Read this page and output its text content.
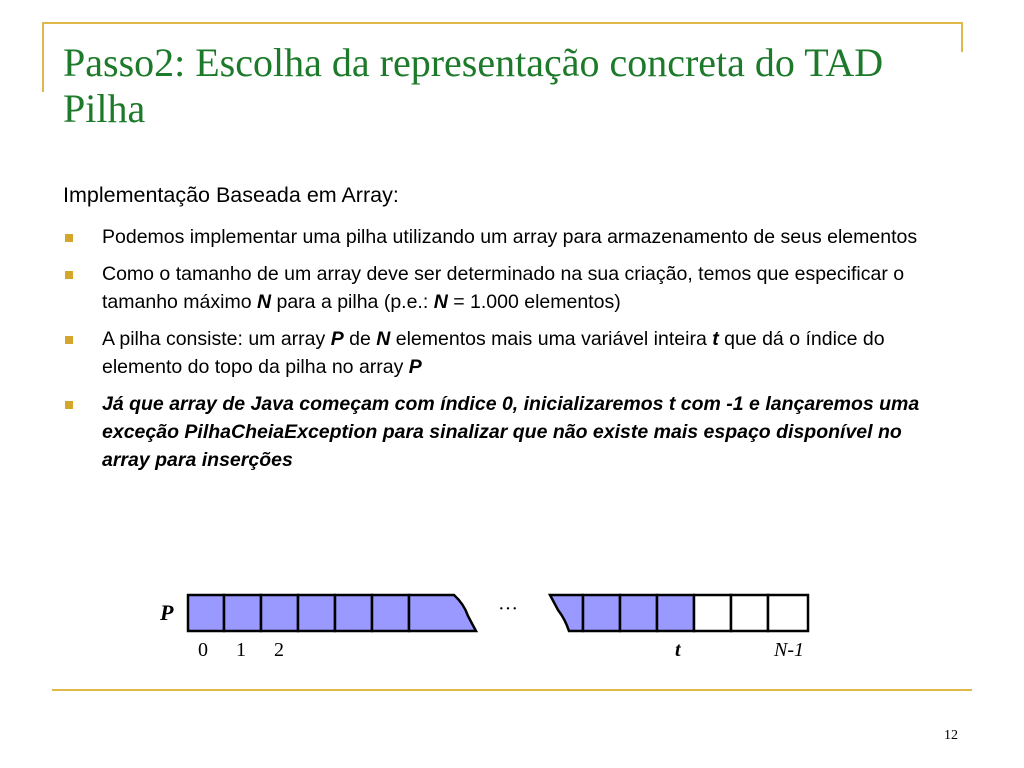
Passo2: Escolha da representação concreta do TAD Pilha

Implementação Baseada em Array:

Podemos implementar uma pilha utilizando um array para armazenamento de seus elementos
Como o tamanho de um array deve ser determinado na sua criação, temos que especificar o tamanho máximo N para a pilha (p.e.: N = 1.000 elementos)
A pilha consiste: um array P de N elementos mais uma variável inteira t que dá o índice do elemento do topo da pilha no array P
Já que array de Java começam com índice 0, inicializaremos t com -1 e lançaremos uma exceção PilhaCheiaException para sinalizar que não existe mais espaço disponível no array para inserções
P	···
0 1 2	t	N-1
12
